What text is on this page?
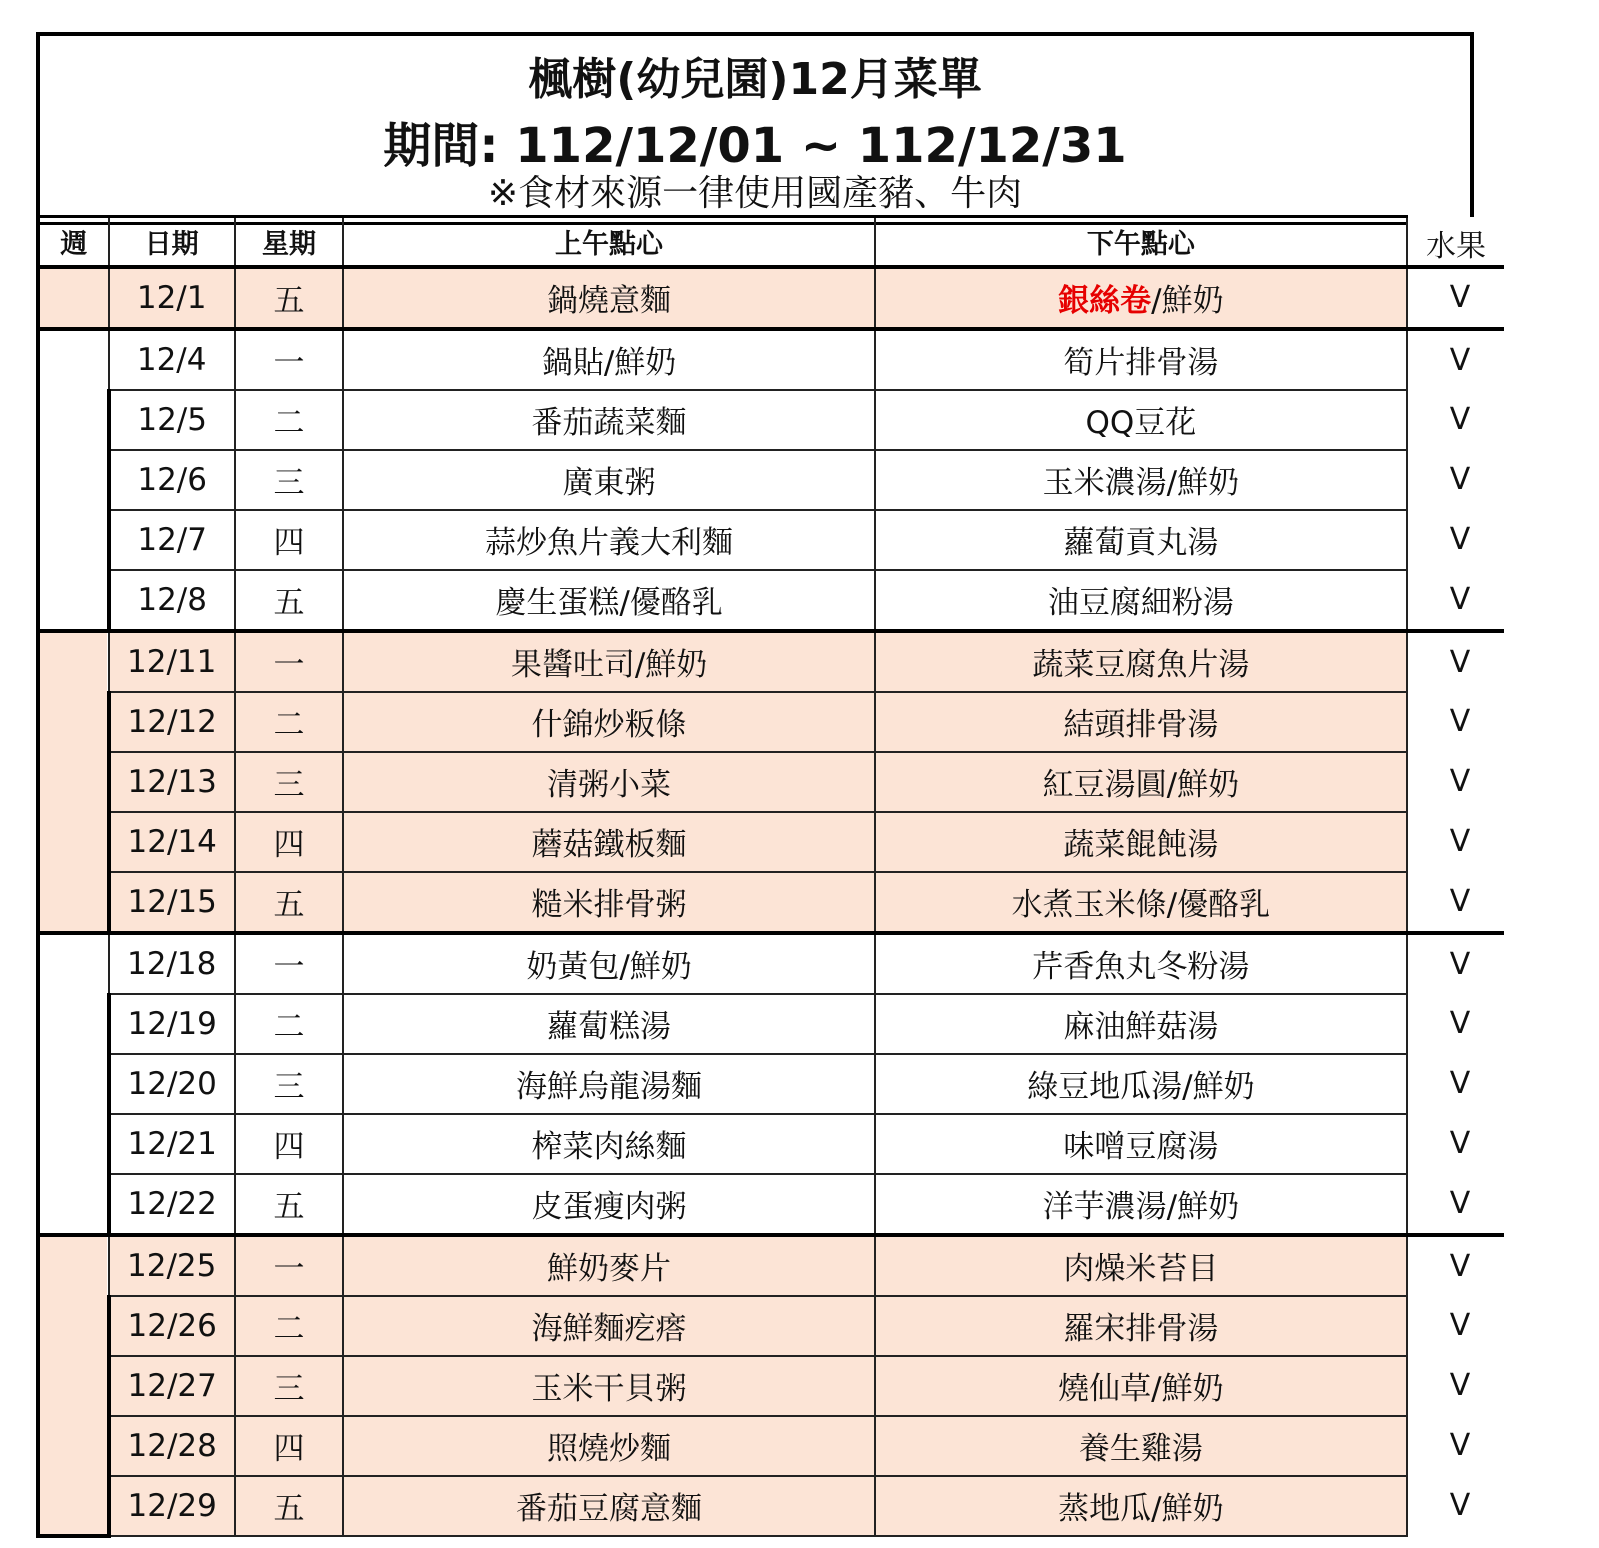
楓樹(幼兒園)12月菜單
期間: 112/12/01 ~ 112/12/31
※食材來源一律使用國產豬、牛肉
週	日期	星期	上午點心	下午點心	水果
	12/1	五	鍋燒意麵	銀絲卷/鮮奶	V
	12/4	一	鍋貼/鮮奶	筍片排骨湯	V
	12/5	二	番茄蔬菜麵	QQ豆花	V
	12/6	三	廣東粥	玉米濃湯/鮮奶	V
	12/7	四	蒜炒魚片義大利麵	蘿蔔貢丸湯	V
	12/8	五	慶生蛋糕/優酪乳	油豆腐細粉湯	V
	12/11	一	果醬吐司/鮮奶	蔬菜豆腐魚片湯	V
	12/12	二	什錦炒粄條	結頭排骨湯	V
	12/13	三	清粥小菜	紅豆湯圓/鮮奶	V
	12/14	四	蘑菇鐵板麵	蔬菜餛飩湯	V
	12/15	五	糙米排骨粥	水煮玉米條/優酪乳	V
	12/18	一	奶黃包/鮮奶	芹香魚丸冬粉湯	V
	12/19	二	蘿蔔糕湯	麻油鮮菇湯	V
	12/20	三	海鮮烏龍湯麵	綠豆地瓜湯/鮮奶	V
	12/21	四	榨菜肉絲麵	味噌豆腐湯	V
	12/22	五	皮蛋瘦肉粥	洋芋濃湯/鮮奶	V
	12/25	一	鮮奶麥片	肉燥米苔目	V
	12/26	二	海鮮麵疙瘩	羅宋排骨湯	V
	12/27	三	玉米干貝粥	燒仙草/鮮奶	V
	12/28	四	照燒炒麵	養生雞湯	V
	12/29	五	番茄豆腐意麵	蒸地瓜/鮮奶	V
